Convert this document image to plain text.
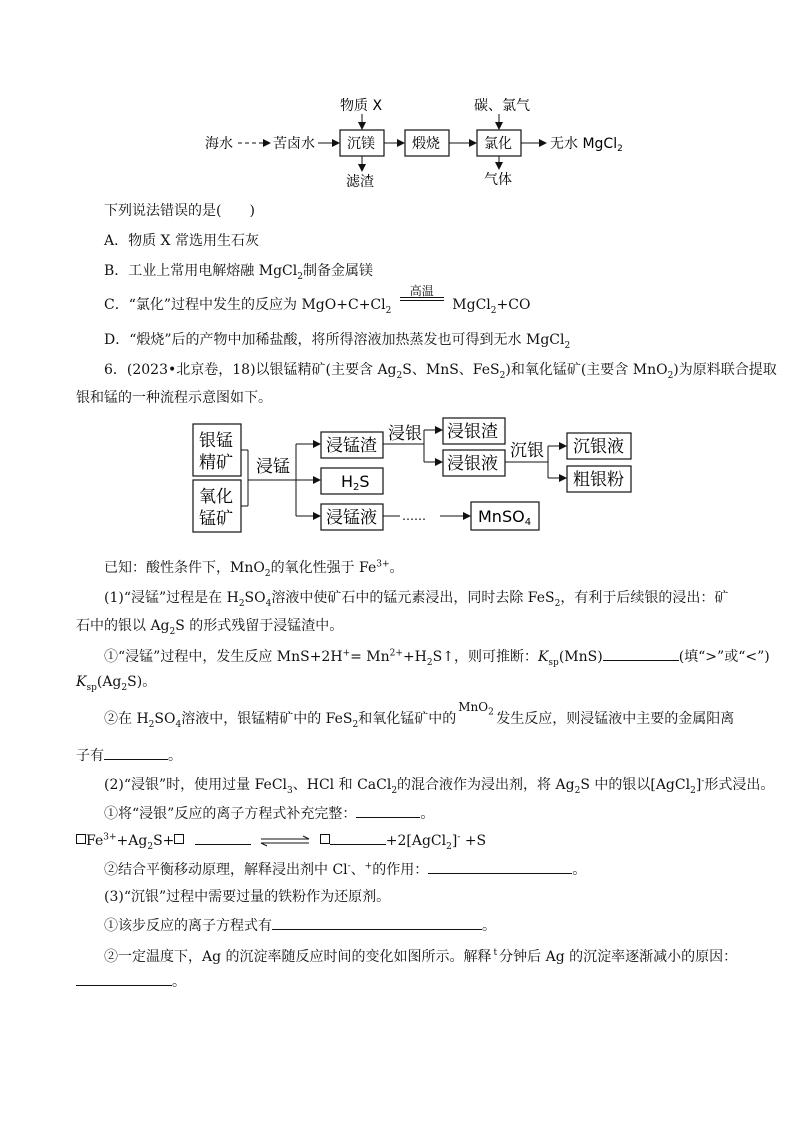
海水	苦卤水 沉镁	煅烧	氯化	无水 MgCl$_2$
物质 X
滤渣
碳、氯气
气体
下列说法错误的是(　　)
A．物质 X 常选用生石灰
B．工业上常用电解熔融 MgCl$_2$制备金属镁
C．“氯化”过程中发生的反应为 $MgO+C+Cl_2$
高温
MgCl$_2$+CO
D．“煅烧”后的产物中加稀盐酸，将所得溶液加热蒸发也可得到无水 MgCl$_2$
6．(2023•北京卷，18)以银锰精矿(主要含 $Ag_2S$、MnS、FeS$_2$)和氧化锰矿(主要含 MnO$_2$)为原料联合提取
银和锰的一种流程示意图如下。
银锰
精矿
氧化
锰矿
浸锰
浸锰渣
H2S
浸锰液 ……	MnSO4
浸银 浸银渣
浸银液
沉银 沉银液
粗银粉
已知：酸性条件下，MnO$_2$的氧化性强于 $Fe^{3+}$。
(1)“浸锰”过程是在 $H_2SO_4$溶液中使矿石中的锰元素浸出，同时去除 FeS$_2$，有利于后续银的浸出：矿
石中的银以 $Ag_2S$ 的形式残留于浸锰渣中。
①“浸锰”过程中，发生反应 $MnS+2H^+= Mn^{2+}+H_2S↑$，则可推断：$K_{sp}(MnS)$	(填“>”或“<”)
$K_{sp}(Ag_2S)$。
②在 $H_2SO_4$溶液中，银锰精矿中的 FeS$_2$和氧化锰矿中的
MnO$_2$ 发生反应，则浸锰液中主要的金属阳离
子有	。
(2)“浸银”时，使用过量 FeCl$_3$、HCl 和 CaCl$_2$的混合液作为浸出剂，将 $Ag_2S$ 中的银以[AgCl$_2$]-形式浸出。
①将“浸银”反应的离子方程式补充完整：	。
$Fe^{3+}+Ag_2S+$	+2[AgCl$_2$]- +S
②结合平衡移动原理，解释浸出剂中 Cl-、+的作用：	。
(3)“沉银”过程中需要过量的铁粉作为还原剂。
①该步反应的离子方程式有	。
②一定温度下，Ag 的沉淀率随反应时间的变化如图所示。解释 $^t$ 分钟后 Ag 的沉淀率逐渐减小的原因：
。
